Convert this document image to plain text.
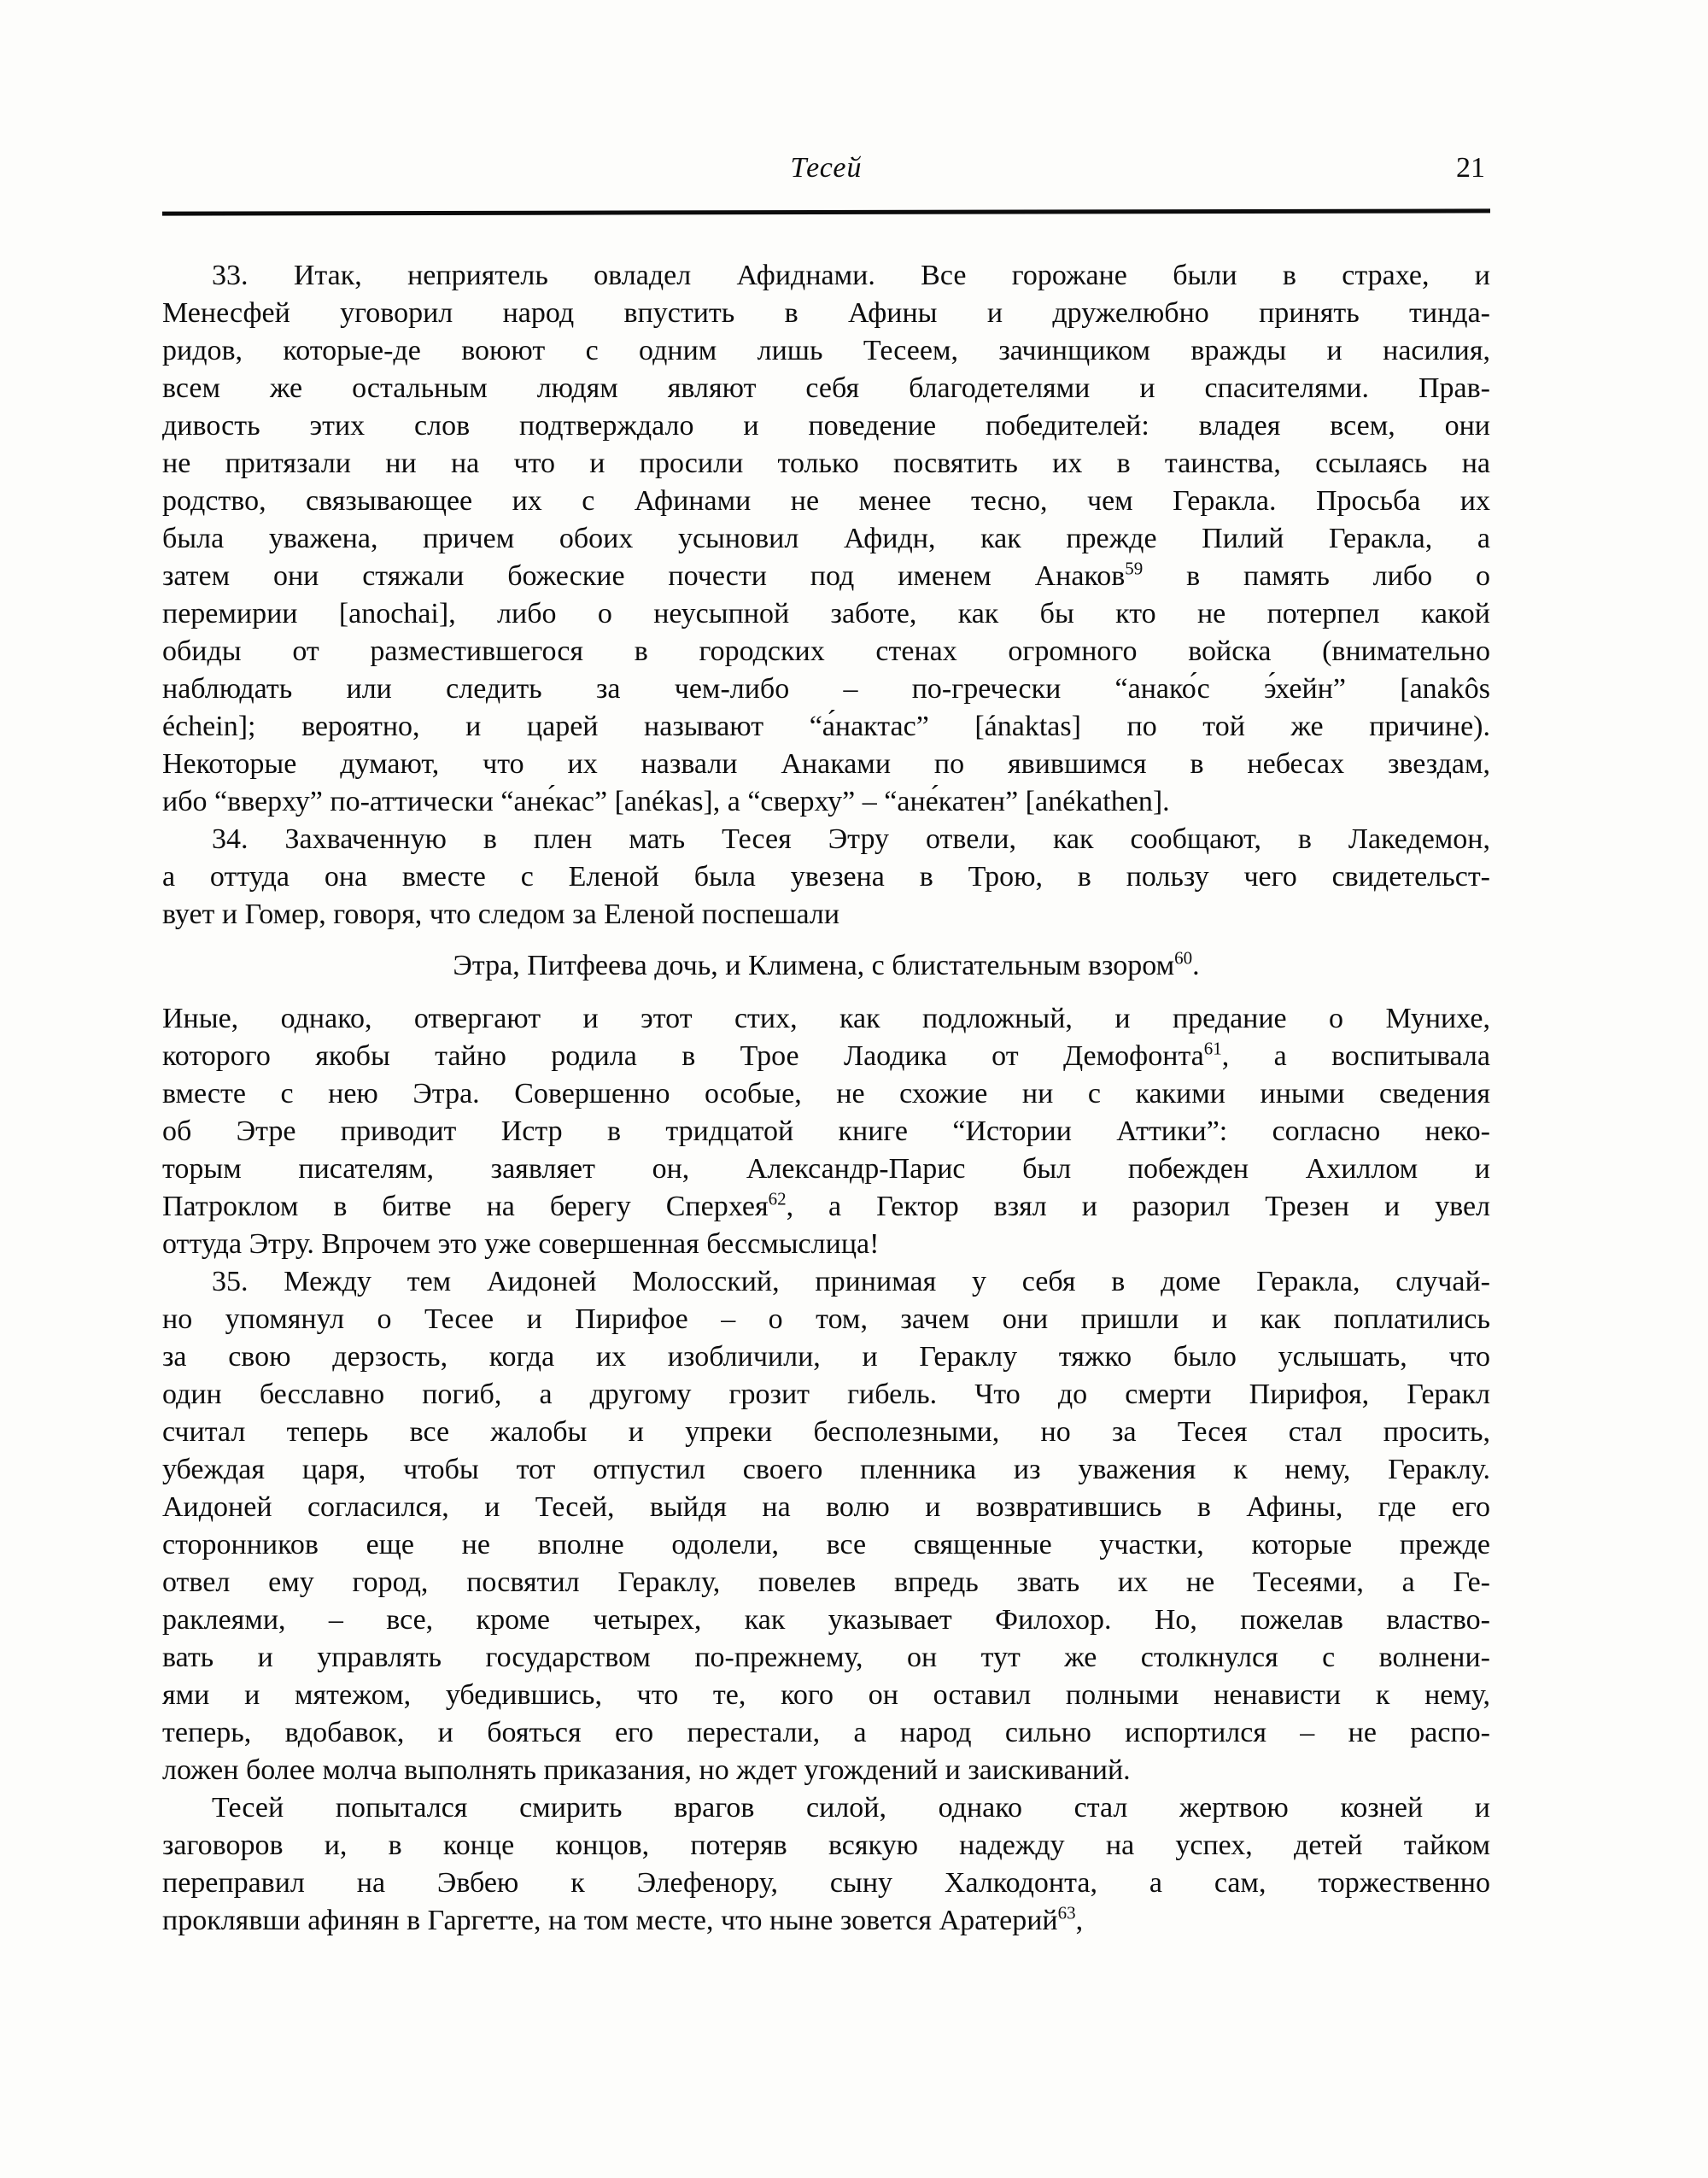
Тесей	21
33. Итак, неприятель овладел Афиднами. Все горожане были в страхе, и
Менесфей уговорил народ впустить в Афины и дружелюбно принять тинда-
ридов, которые-де воюют с одним лишь Тесеем, зачинщиком вражды и насилия,
всем же остальным людям являют себя благодетелями и спасителями. Прав-
дивость этих слов подтверждало и поведение победителей: владея всем, они
не притязали ни на что и просили только посвятить их в таинства, ссылаясь на
родство, связывающее их с Афинами не менее тесно, чем Геракла. Просьба их
была уважена, причем обоих усыновил Афидн, как прежде Пилий Геракла, а
затем они стяжали божеские почести под именем Анаков$^{59}$ в память либо о
перемирии [anochai], либо о неусыпной заботе, как бы кто не потерпел какой
обиды от разместившегося в городских стенах огромного войска (внимательно
наблюдать или следить за чем-либо – по-гречески “анако́с э́хейн” [anakôs
échein]; вероятно, и царей называют “а́нактас” [ánaktas] по той же причине).
Некоторые думают, что их назвали Анаками по явившимся в небесах звездам,
ибо “вверху” по-аттически “ане́кас” [anékas], а “сверху” – “ане́катен” [anékathen].
34. Захваченную в плен мать Тесея Этру отвели, как сообщают, в Лакедемон,
а оттуда она вместе с Еленой была увезена в Трою, в пользу чего свидетельст-
вует и Гомер, говоря, что следом за Еленой поспешали
Этра, Питфеева дочь, и Климена, с блистательным взором$^{60}$.
Иные, однако, отвергают и этот стих, как подложный, и предание о Мунихе,
которого якобы тайно родила в Трое Лаодика от Демофонта$^{61}$, а воспитывала
вместе с нею Этра. Совершенно особые, не схожие ни с какими иными сведения
об Этре приводит Истр в тридцатой книге “Истории Аттики”: согласно неко-
торым писателям, заявляет он, Александр-Парис был побежден Ахиллом и
Патроклом в битве на берегу Сперхея$^{62}$, а Гектор взял и разорил Трезен и увел
оттуда Этру. Впрочем это уже совершенная бессмыслица!
35. Между тем Аидоней Молосский, принимая у себя в доме Геракла, случай-
но упомянул о Тесее и Пирифое – о том, зачем они пришли и как поплатились
за свою дерзость, когда их изобличили, и Гераклу тяжко было услышать, что
один бесславно погиб, а другому грозит гибель. Что до смерти Пирифоя, Геракл
считал теперь все жалобы и упреки бесполезными, но за Тесея стал просить,
убеждая царя, чтобы тот отпустил своего пленника из уважения к нему, Гераклу.
Аидоней согласился, и Тесей, выйдя на волю и возвратившись в Афины, где его
сторонников еще не вполне одолели, все священные участки, которые прежде
отвел ему город, посвятил Гераклу, повелев впредь звать их не Тесеями, а Ге-
раклеями, – все, кроме четырех, как указывает Филохор. Но, пожелав властво-
вать и управлять государством по-прежнему, он тут же столкнулся с волнени-
ями и мятежом, убедившись, что те, кого он оставил полными ненависти к нему,
теперь, вдобавок, и бояться его перестали, а народ сильно испортился – не распо-
ложен более молча выполнять приказания, но ждет угождений и заискиваний.
Тесей попытался смирить врагов силой, однако стал жертвою козней и
заговоров и, в конце концов, потеряв всякую надежду на успех, детей тайком
переправил на Эвбею к Элефенору, сыну Халкодонта, а сам, торжественно
проклявши афинян в Гаргетте, на том месте, что ныне зовется Аратерий$^{63}$,
